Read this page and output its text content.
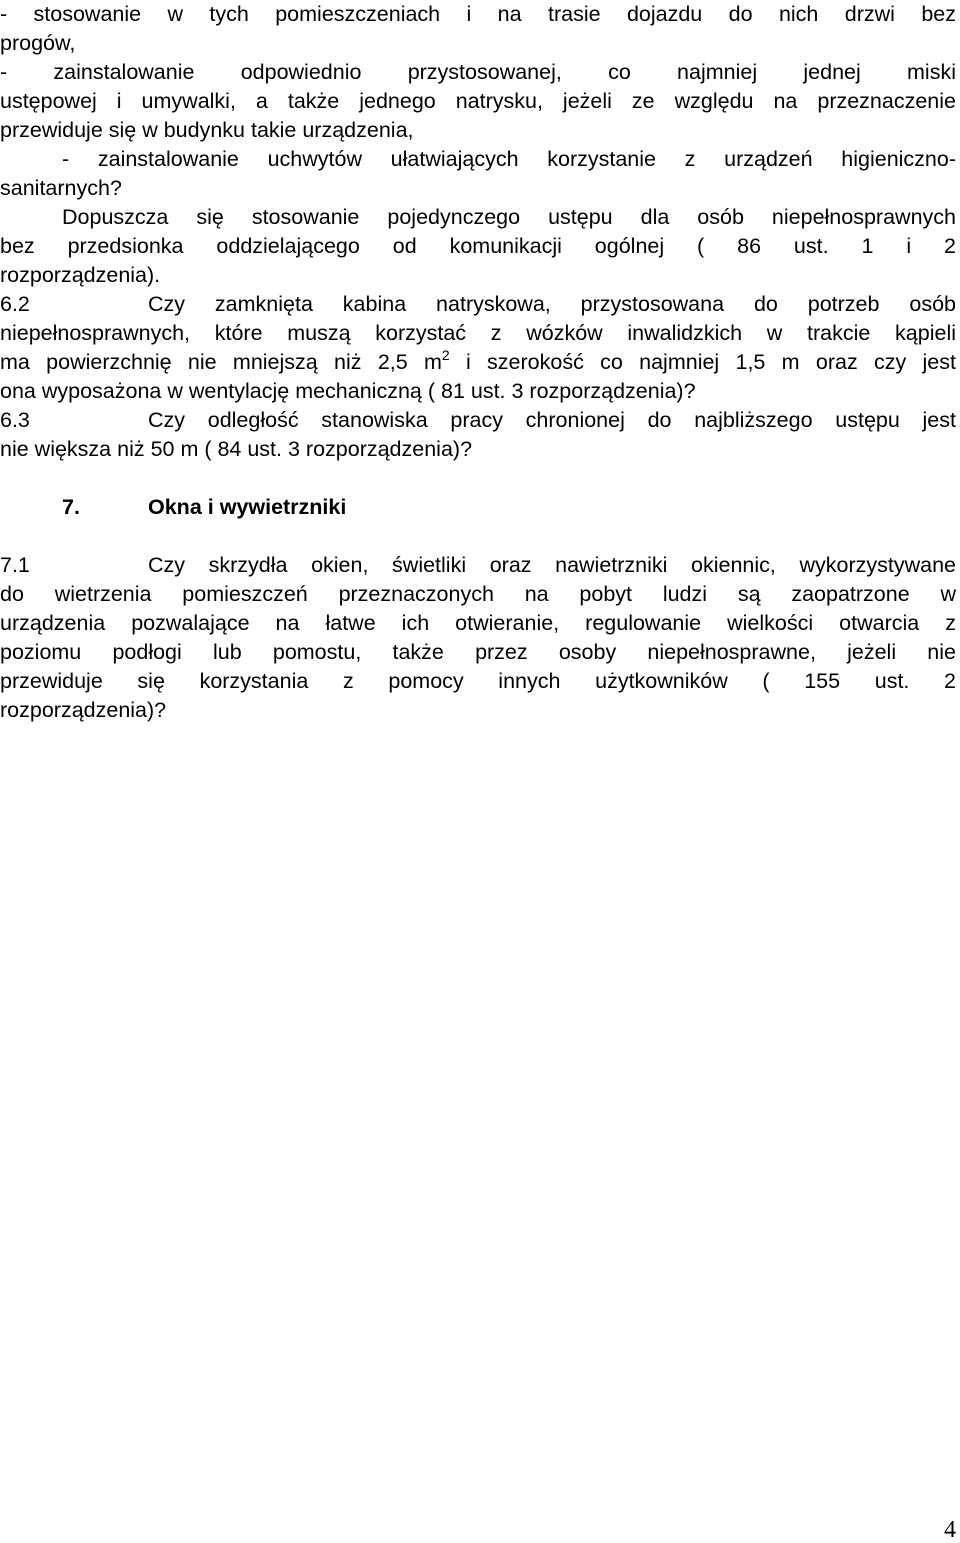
- stosowanie w tych pomieszczeniach i na trasie dojazdu do nich drzwi bez
progów,
- zainstalowanie odpowiednio przystosowanej, co najmniej jednej miski
ustępowej i umywalki, a także jednego natrysku, jeżeli ze względu na przeznaczenie
przewiduje się w budynku takie urządzenia,
- zainstalowanie uchwytów ułatwiających korzystanie z urządzeń higieniczno-
sanitarnych?
Dopuszcza się stosowanie pojedynczego ustępu dla osób niepełnosprawnych
bez przedsionka oddzielającego od komunikacji ogólnej ( 86 ust. 1 i 2
rozporządzenia).
6.2	Czy zamknięta kabina natryskowa, przystosowana do potrzeb osób
niepełnosprawnych, które muszą korzystać z wózków inwalidzkich w trakcie kąpieli
ma powierzchnię nie mniejszą niż 2,5 $m^2$ i szerokość co najmniej 1,5 m oraz czy jest
ona wyposażona w wentylację mechaniczną ( 81 ust. 3 rozporządzenia)?
6.3	Czy odległość stanowiska pracy chronionej do najbliższego ustępu jest
nie większa niż 50 m ( 84 ust. 3 rozporządzenia)?
7.	Okna i wywietrzniki
7.1	Czy skrzydła okien, świetliki oraz nawietrzniki okiennic, wykorzystywane
do wietrzenia pomieszczeń przeznaczonych na pobyt ludzi są zaopatrzone w
urządzenia pozwalające na łatwe ich otwieranie, regulowanie wielkości otwarcia z
poziomu podłogi lub pomostu, także przez osoby niepełnosprawne, jeżeli nie
przewiduje się korzystania z pomocy innych użytkowników ( 155 ust. 2
rozporządzenia)?
4
